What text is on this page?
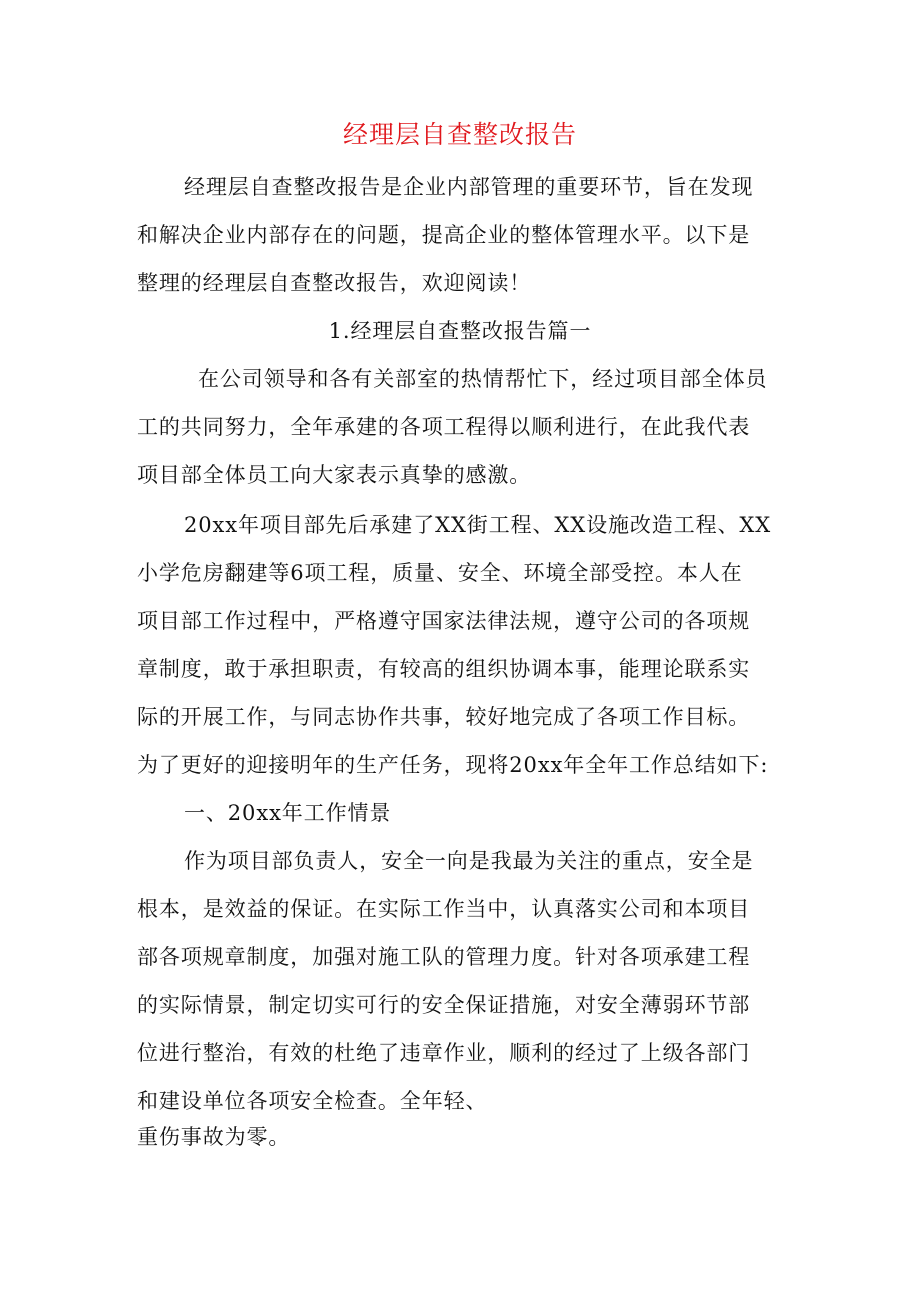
经理层自查整改报告
经理层自查整改报告是企业内部管理的重要环节，旨在发现
和解决企业内部存在的问题，提高企业的整体管理水平。以下是
整理的经理层自查整改报告，欢迎阅读！
1.经理层自查整改报告篇一
在公司领导和各有关部室的热情帮忙下，经过项目部全体员
工的共同努力，全年承建的各项工程得以顺利进行，在此我代表
项目部全体员工向大家表示真挚的感激。
20xx年项目部先后承建了XX街工程、XX设施改造工程、XX
小学危房翻建等6项工程，质量、安全、环境全部受控。本人在
项目部工作过程中，严格遵守国家法律法规，遵守公司的各项规
章制度，敢于承担职责，有较高的组织协调本事，能理论联系实
际的开展工作，与同志协作共事，较好地完成了各项工作目标。
为了更好的迎接明年的生产任务，现将20xx年全年工作总结如下:
一、20xx年工作情景
作为项目部负责人，安全一向是我最为关注的重点，安全是
根本，是效益的保证。在实际工作当中，认真落实公司和本项目
部各项规章制度，加强对施工队的管理力度。针对各项承建工程
的实际情景，制定切实可行的安全保证措施，对安全薄弱环节部
位进行整治，有效的杜绝了违章作业，顺利的经过了上级各部门
和建设单位各项安全检查。全年轻、
重伤事故为零。
